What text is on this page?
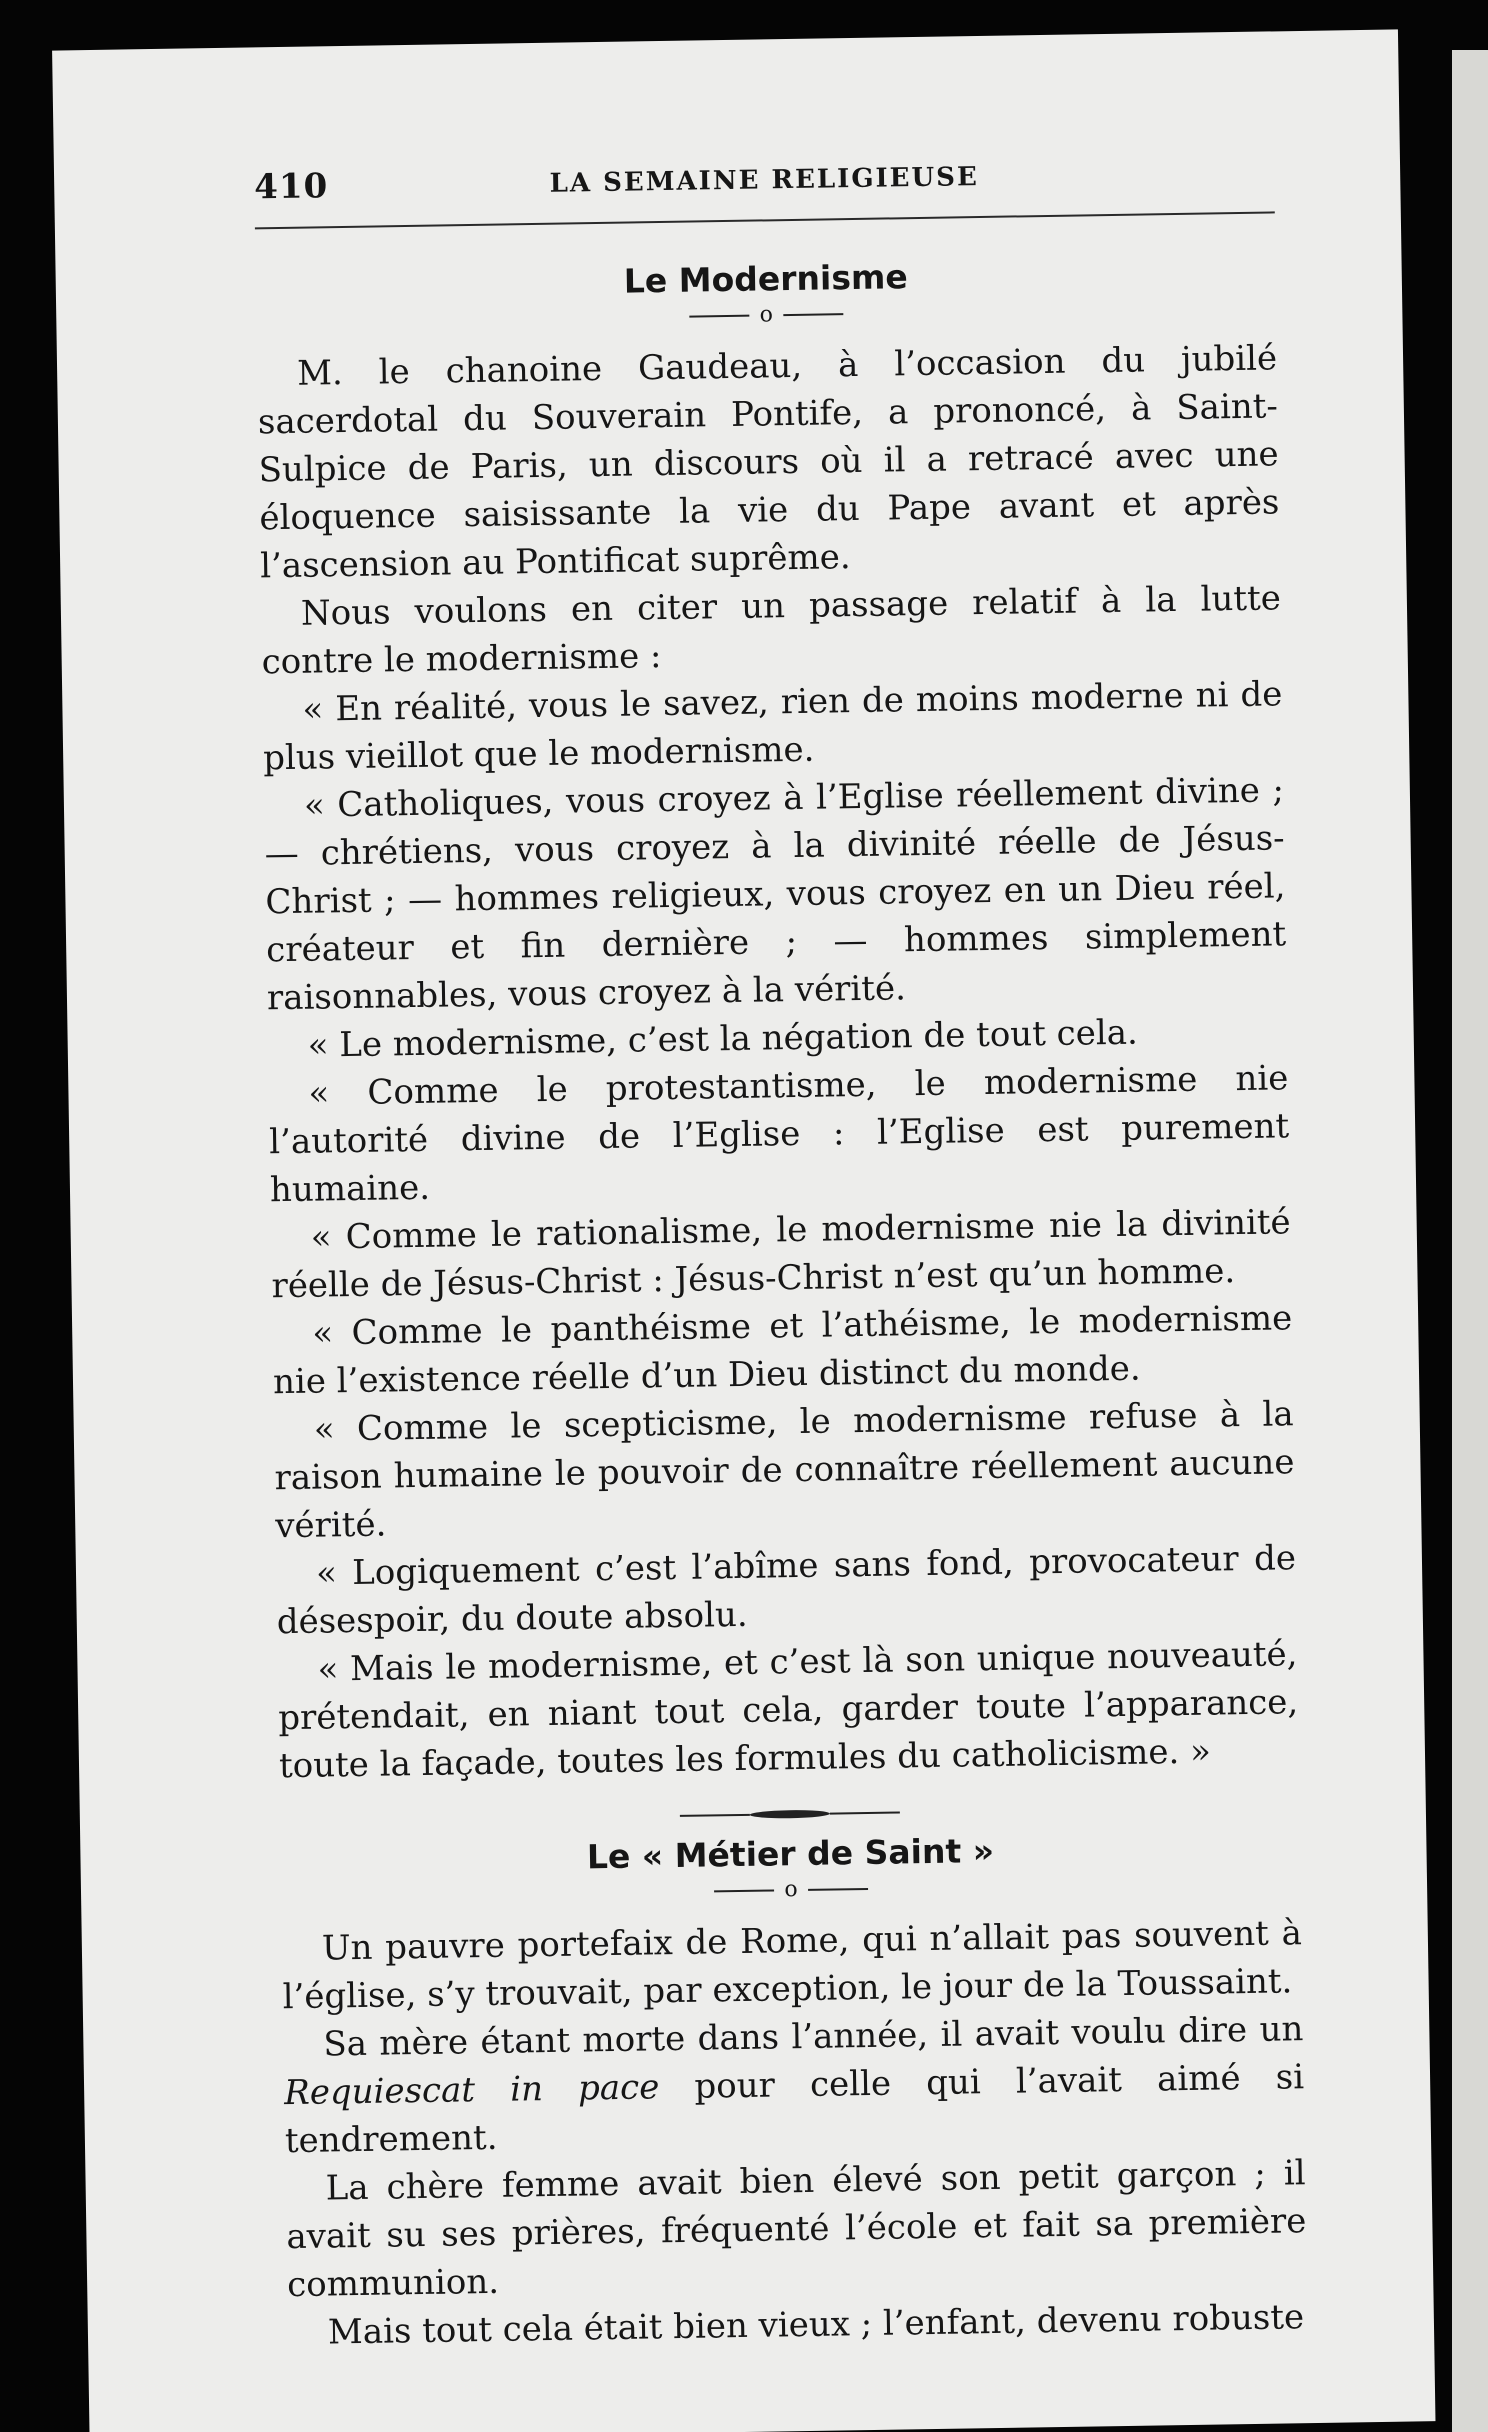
410	LA SEMAINE RELIGIEUSE
Le Modernisme
o

M. le chanoine Gaudeau, à l’occasion du jubilé sacerdotal du Souverain Pontife, a prononcé, à Saint-Sulpice de Paris, un discours où il a retracé avec une éloquence saisissante la vie du Pape avant et après l’ascension au Pontificat suprême.

Nous voulons en citer un passage relatif à la lutte contre le modernisme :

« En réalité, vous le savez, rien de moins moderne ni de plus vieillot que le modernisme.

« Catholiques, vous croyez à l’Eglise réellement divine ; — chrétiens, vous croyez à la divinité réelle de Jésus-Christ ; — hommes religieux, vous croyez en un Dieu réel, créateur et fin dernière ; — hommes simplement raisonnables, vous croyez à la vérité.

« Le modernisme, c’est la négation de tout cela.

« Comme le protestantisme, le modernisme nie l’autorité divine de l’Eglise : l’Eglise est purement humaine.

« Comme le rationalisme, le modernisme nie la divinité réelle de Jésus-Christ : Jésus-Christ n’est qu’un homme.

« Comme le panthéisme et l’athéisme, le modernisme nie l’existence réelle d’un Dieu distinct du monde.

« Comme le scepticisme, le modernisme refuse à la raison humaine le pouvoir de connaître réellement aucune vérité.

« Logiquement c’est l’abîme sans fond, provocateur de désespoir, du doute absolu.

« Mais le modernisme, et c’est là son unique nouveauté, prétendait, en niant tout cela, garder toute l’apparance, toute la façade, toutes les formules du catholicisme. »

Le « Métier de Saint »
o

Un pauvre portefaix de Rome, qui n’allait pas souvent à l’église, s’y trouvait, par exception, le jour de la Toussaint.

Sa mère étant morte dans l’année, il avait voulu dire un Requiescat in pace pour celle qui l’avait aimé si tendrement.

La chère femme avait bien élevé son petit garçon ; il avait su ses prières, fréquenté l’école et fait sa première communion.

Mais tout cela était bien vieux ; l’enfant, devenu robuste
